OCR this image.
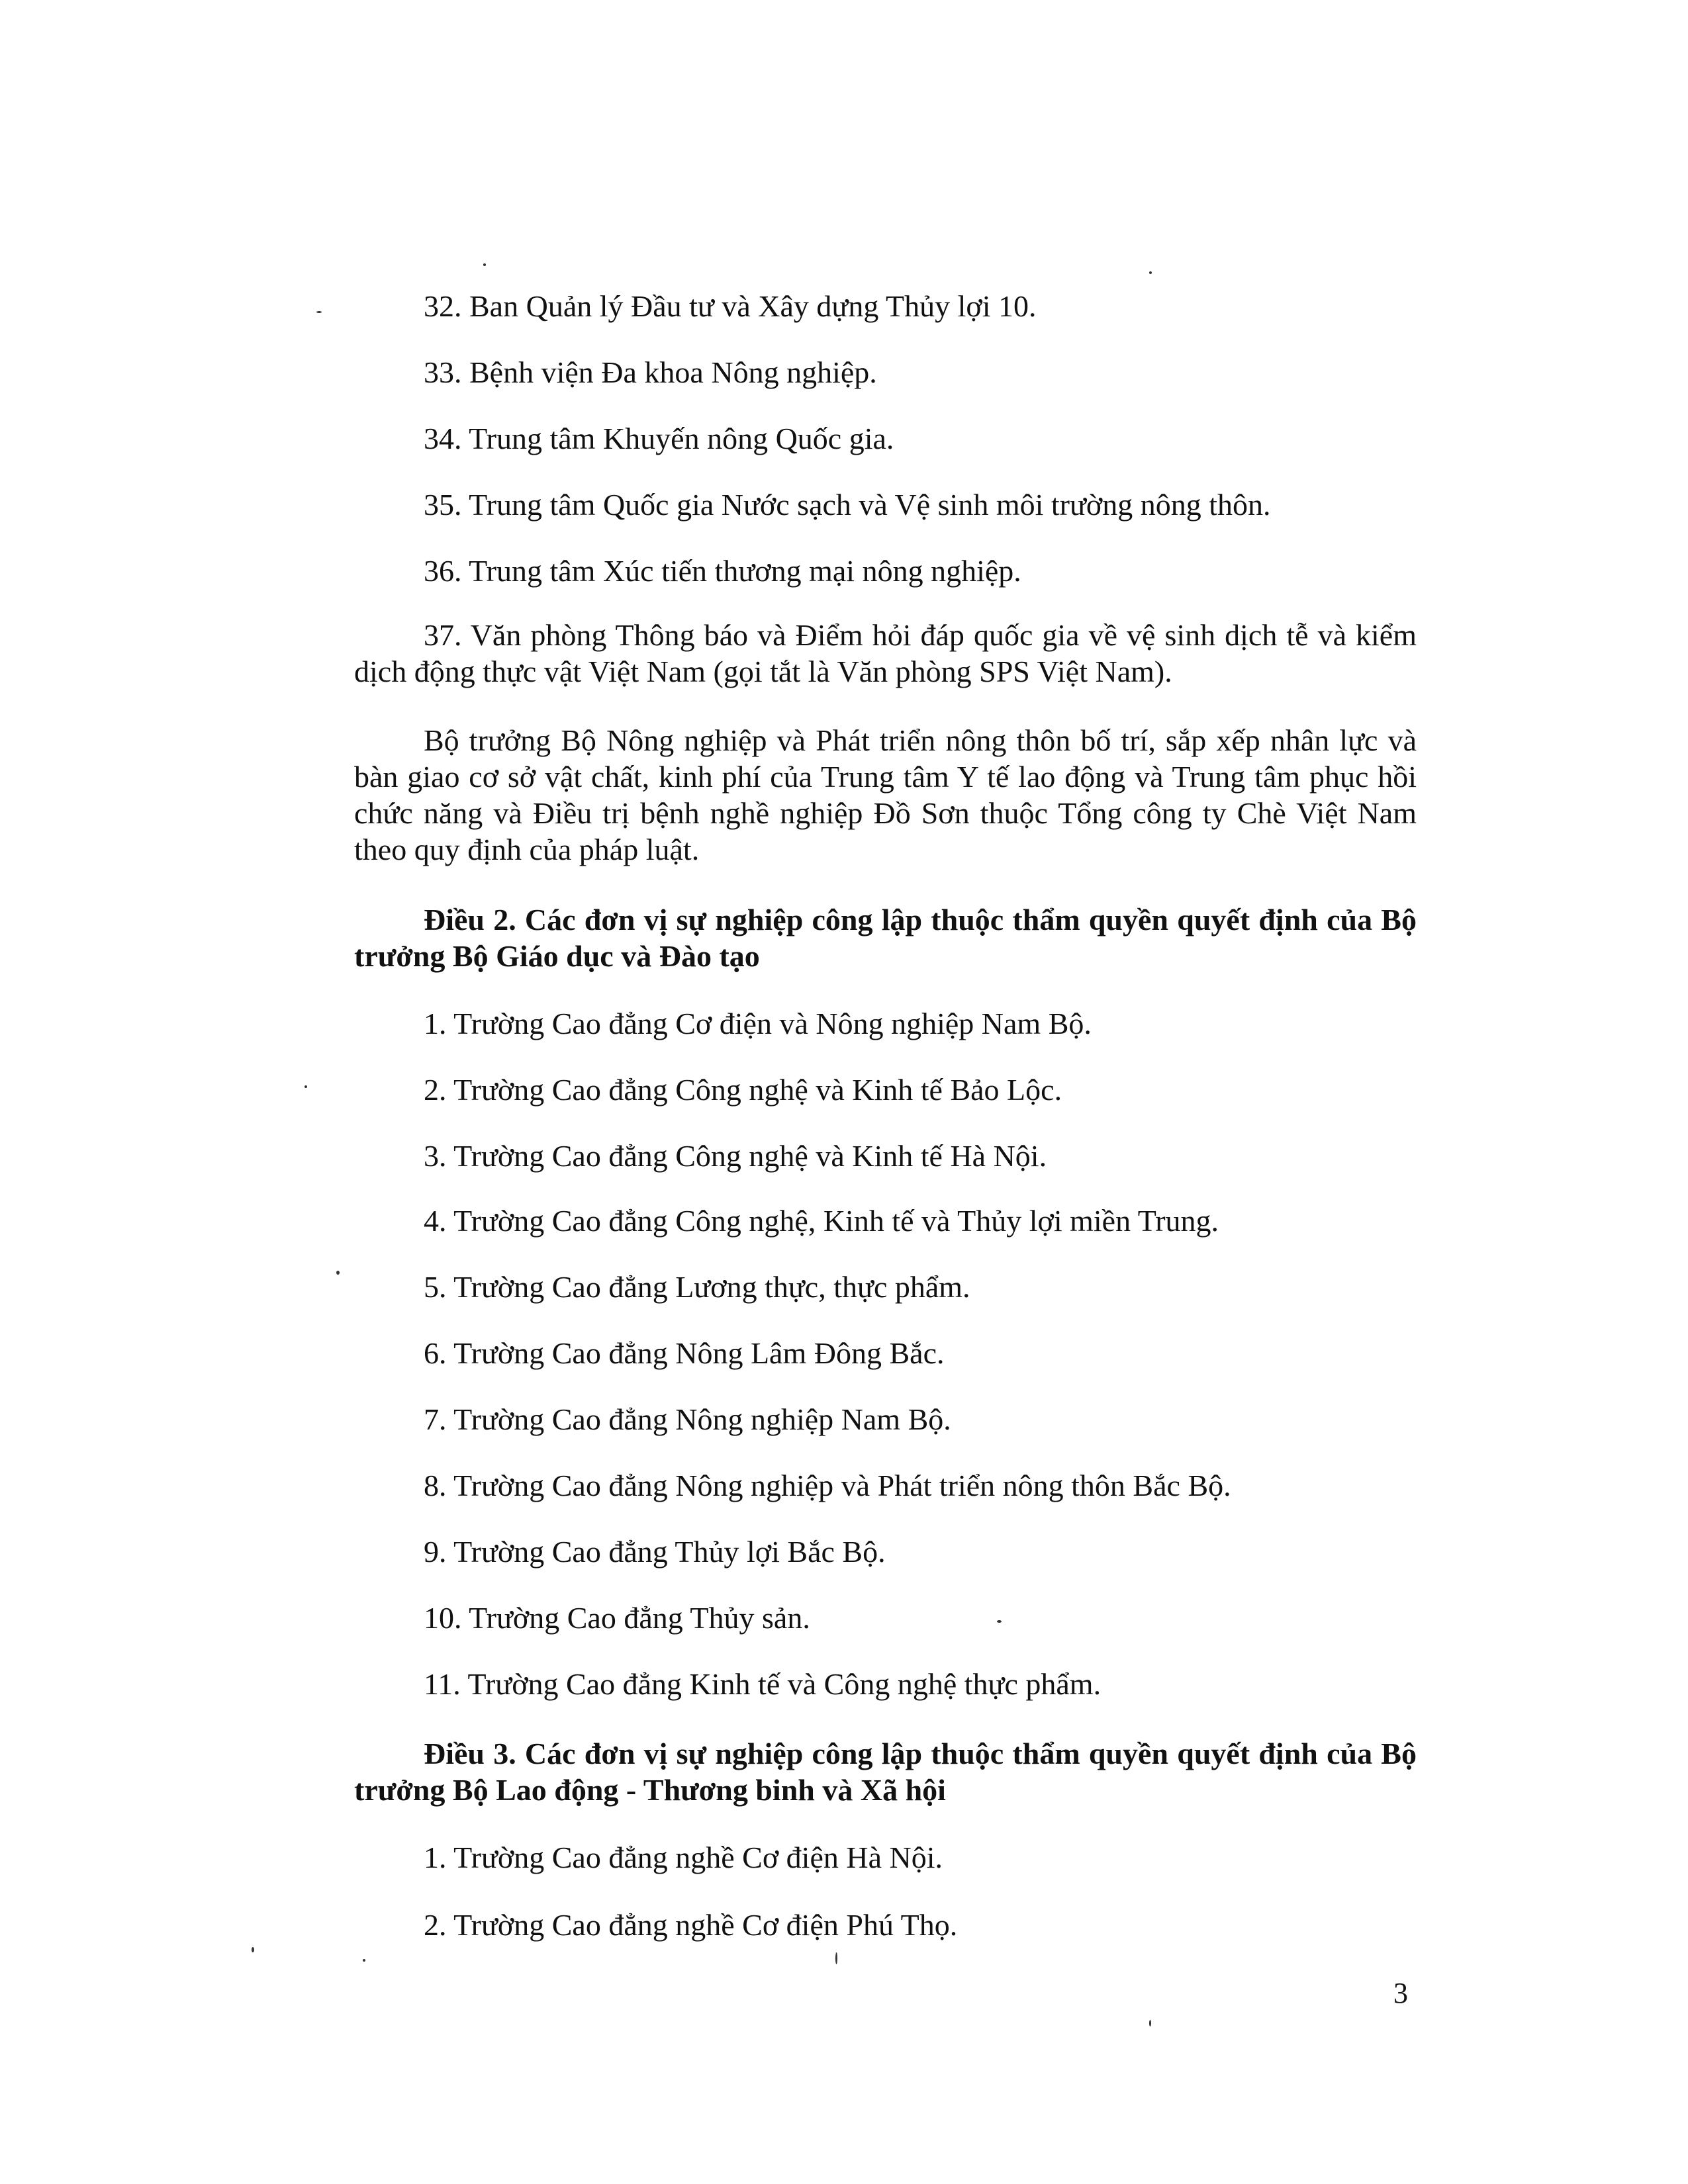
32. Ban Quản lý Đầu tư và Xây dựng Thủy lợi 10.
33. Bệnh viện Đa khoa Nông nghiệp.
34. Trung tâm Khuyến nông Quốc gia.
35. Trung tâm Quốc gia Nước sạch và Vệ sinh môi trường nông thôn.
36. Trung tâm Xúc tiến thương mại nông nghiệp.
37. Văn phòng Thông báo và Điểm hỏi đáp quốc gia về vệ sinh dịch tễ và kiểm dịch động thực vật Việt Nam (gọi tắt là Văn phòng SPS Việt Nam).
Bộ trưởng Bộ Nông nghiệp và Phát triển nông thôn bố trí, sắp xếp nhân lực và bàn giao cơ sở vật chất, kinh phí của Trung tâm Y tế lao động và Trung tâm phục hồi chức năng và Điều trị bệnh nghề nghiệp Đồ Sơn thuộc Tổng công ty Chè Việt Nam theo quy định của pháp luật.
Điều 2. Các đơn vị sự nghiệp công lập thuộc thẩm quyền quyết định của Bộ trưởng Bộ Giáo dục và Đào tạo
1. Trường Cao đẳng Cơ điện và Nông nghiệp Nam Bộ.
2. Trường Cao đẳng Công nghệ và Kinh tế Bảo Lộc.
3. Trường Cao đẳng Công nghệ và Kinh tế Hà Nội.
4. Trường Cao đẳng Công nghệ, Kinh tế và Thủy lợi miền Trung.
5. Trường Cao đẳng Lương thực, thực phẩm.
6. Trường Cao đẳng Nông Lâm Đông Bắc.
7. Trường Cao đẳng Nông nghiệp Nam Bộ.
8. Trường Cao đẳng Nông nghiệp và Phát triển nông thôn Bắc Bộ.
9. Trường Cao đẳng Thủy lợi Bắc Bộ.
10. Trường Cao đẳng Thủy sản.
11. Trường Cao đẳng Kinh tế và Công nghệ thực phẩm.
Điều 3. Các đơn vị sự nghiệp công lập thuộc thẩm quyền quyết định của Bộ trưởng Bộ Lao động - Thương binh và Xã hội
1. Trường Cao đẳng nghề Cơ điện Hà Nội.
2. Trường Cao đẳng nghề Cơ điện Phú Thọ.
3
